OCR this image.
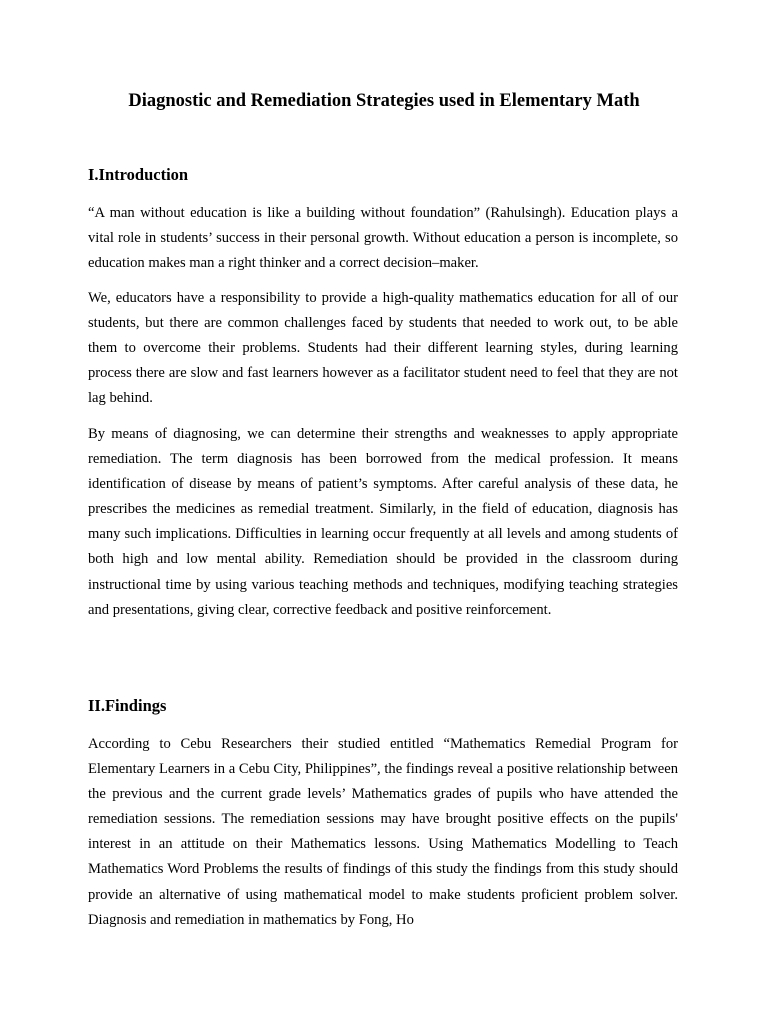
Diagnostic and Remediation Strategies used in Elementary Math
I.Introduction

“A man without education is like a building without foundation” (Rahulsingh). Education plays a vital role in students’ success in their personal growth. Without education a person is incomplete, so education makes man a right thinker and a correct decision–maker.

We, educators have a responsibility to provide a high-quality mathematics education for all of our students, but there are common challenges faced by students that needed to work out, to be able them to overcome their problems. Students had their different learning styles, during learning process there are slow and fast learners however as a facilitator student need to feel that they are not lag behind.

By means of diagnosing, we can determine their strengths and weaknesses to apply appropriate remediation. The term diagnosis has been borrowed from the medical profession. It means identification of disease by means of patient’s symptoms. After careful analysis of these data, he prescribes the medicines as remedial treatment. Similarly, in the field of education, diagnosis has many such implications. Difficulties in learning occur frequently at all levels and among students of both high and low mental ability. Remediation should be provided in the classroom during instructional time by using various teaching methods and techniques, modifying teaching strategies and presentations, giving clear, corrective feedback and positive reinforcement.

II.Findings

According to Cebu Researchers their studied entitled “Mathematics Remedial Program for Elementary Learners in a Cebu City, Philippines”, the findings reveal a positive relationship between the previous and the current grade levels’ Mathematics grades of pupils who have attended the remediation sessions. The remediation sessions may have brought positive effects on the pupils' interest in an attitude on their Mathematics lessons. Using Mathematics Modelling to Teach Mathematics Word Problems the results of findings of this study the findings from this study should provide an alternative of using mathematical model to make students proficient problem solver. Diagnosis and remediation in mathematics by Fong, Ho
